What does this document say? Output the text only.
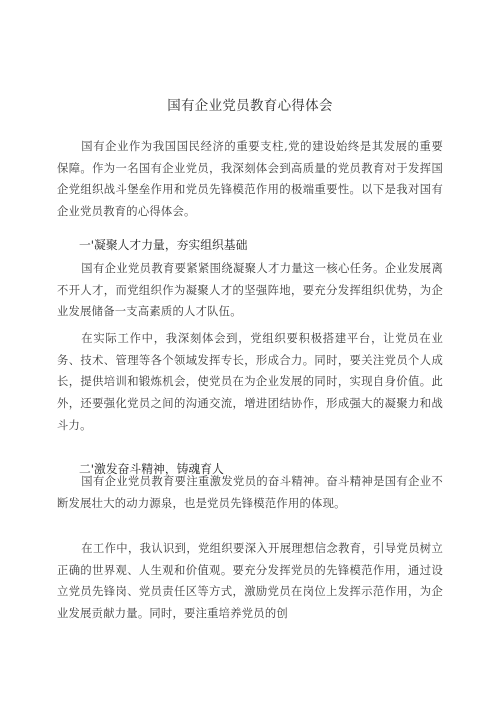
国有企业党员教育心得体会

国有企业作为我国国民经济的重要支柱,党的建设始终是其发展的重要保障。作为一名国有企业党员，我深刻体会到高质量的党员教育对于发挥国企党组织战斗堡垒作用和党员先锋模范作用的极端重要性。以下是我对国有企业党员教育的心得体会。

一'凝聚人才力量，夯实组织基础

国有企业党员教育要紧紧围绕凝聚人才力量这一核心任务。企业发展离不开人才，而党组织作为凝聚人才的坚强阵地，要充分发挥组织优势，为企业发展储备一支高素质的人才队伍。

在实际工作中，我深刻体会到，党组织要积极搭建平台，让党员在业务、技术、管理等各个领域发挥专长，形成合力。同时，要关注党员个人成长，提供培训和锻炼机会，使党员在为企业发展的同时，实现自身价值。此外，还要强化党员之间的沟通交流，增进团结协作，形成强大的凝聚力和战斗力。

二'激发奋斗精神，铸魂育人

国有企业党员教育要注重激发党员的奋斗精神。奋斗精神是国有企业不断发展壮大的动力源泉，也是党员先锋模范作用的体现。

在工作中，我认识到，党组织要深入开展理想信念教育，引导党员树立正确的世界观、人生观和价值观。要充分发挥党员的先锋模范作用，通过设立党员先锋岗、党员责任区等方式，激励党员在岗位上发挥示范作用，为企业发展贡献力量。同时，要注重培养党员的创
